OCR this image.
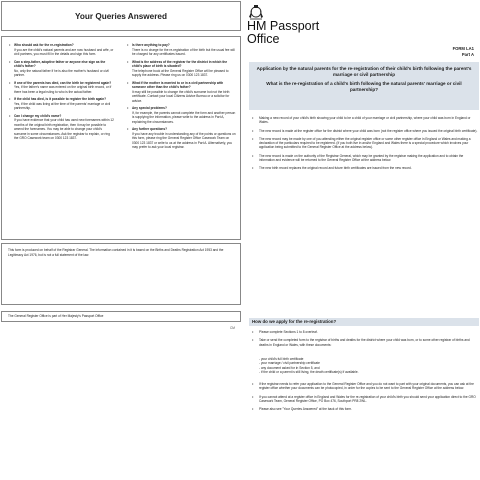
Your Queries Answered
• Who should ask for the re-registration?
If you are the child's natural parents and are now husband and wife, or civil partners, you must fill in the details and sign this form.
• Can a step-father, adoptive father or anyone else sign as the child's father?
No, only the natural father if he is also the mother's husband or civil partner.
• If one of the parents has died, can the birth be registered again?
Yes, if the father's name was entered on the original birth record, or if there has been a legal ruling to who is the actual father.
• If the child has died, is it possible to register the birth again?
Yes, if the child was living at the time of the parents' marriage or civil partnership.
• Can I change my child's name?
If you have evidence that your child has used new forenames within 12 months of the original birth registration, then it may be possible to amend the forenames. You may be able to change your child's surname in some circumstances. Ask the registrar to explain, or ring the GRO Casework team on 0300 123 1837.
• Is there anything to pay?
There is no charge for the re-registration of the birth but the usual fee will be charged for any certificates issued.
• What is the address of the registrar for the district in which the child's place of birth is situated?
The telephone book at the General Register Office will be pleased to supply the address. Please ring us on 0300 123 1837.
• What if the mother is married to or in a civil partnership with someone other than the child's father?
It may still be possible to change the child's surname but not the birth certificate. Contact your local Citizens Advice Bureau or a solicitor for advice.
• Any special problems?
If, for example, the parents cannot complete the form and another person is supplying the information, please write to the address in Part A, explaining the circumstances.
• Any further questions?
If you have any trouble in understanding any of the points or questions on this form, please ring the General Register Office Casework Team on 0300 123 1837 or write to us at the address in Part A. Alternatively, you may prefer to ask your local registrar.
This form is produced on behalf of the Registrar General. The information contained in it is based on the Births and Deaths Registration Act 1953 and the Legitimacy Act 1976, but is not a full statement of the law.
The General Register Office is part of Her Majesty's Passport Office
CM
HM Passport
Office
FORM LA1
Part A
Application by the natural parents for the re-registration of their child's birth following the parent's marriage or civil partnership
What is the re-registration of a child's birth following the natural parents' marriage or civil partnership?
• Making a new record of your child's birth showing your child to be a child of your marriage or civil partnership, where your child was born in England or Wales.
• The new record is made at the register office for the district where your child was born (not the register office where you issued the original birth certificate).
• The new record may be made by one of you attending either the original register office or some other register office in England or Wales and making a declaration of the particulars required to be registered. (If you both live in and/or England and Wales there is a special procedure which involves your application being submitted to the General Register Office at the address below).
• The new record is made on the authority of the Registrar General, which may be granted by the registrar making the application and to obtain the information and evidence will be returned to the General Register Office at the address below.
• The new birth record replaces the original record and future birth certificates are issued from the new record.
How do we apply for the re-registration?
• Please complete Sections 1 to 8 overleaf.
• Take or send the completed form to the registrar of births and deaths for the district where your child was born, or to some other registrar of births and deaths in England or Wales, with these documents:
- your child's full birth certificate
- your marriage / civil partnership certificate
- any document asked for in Section 5, and
- if the child or a parent is still living, the death certificate(s) if available.
• If the registrar needs to refer your application to the General Register Office and you do not want to part with your original documents, you can ask at the register office whether your documents can be photocopied, in order for the copies to be sent to the General Register Office at the address below.
• If you cannot attend at a register office in England and Wales for the re-registration of your child's birth you should send your application direct to the GRO Casework Team, General Register Office, PO Box 476, Southport PR8 2WL.
• Please also see "Your Queries Answered" at the back of this form.
